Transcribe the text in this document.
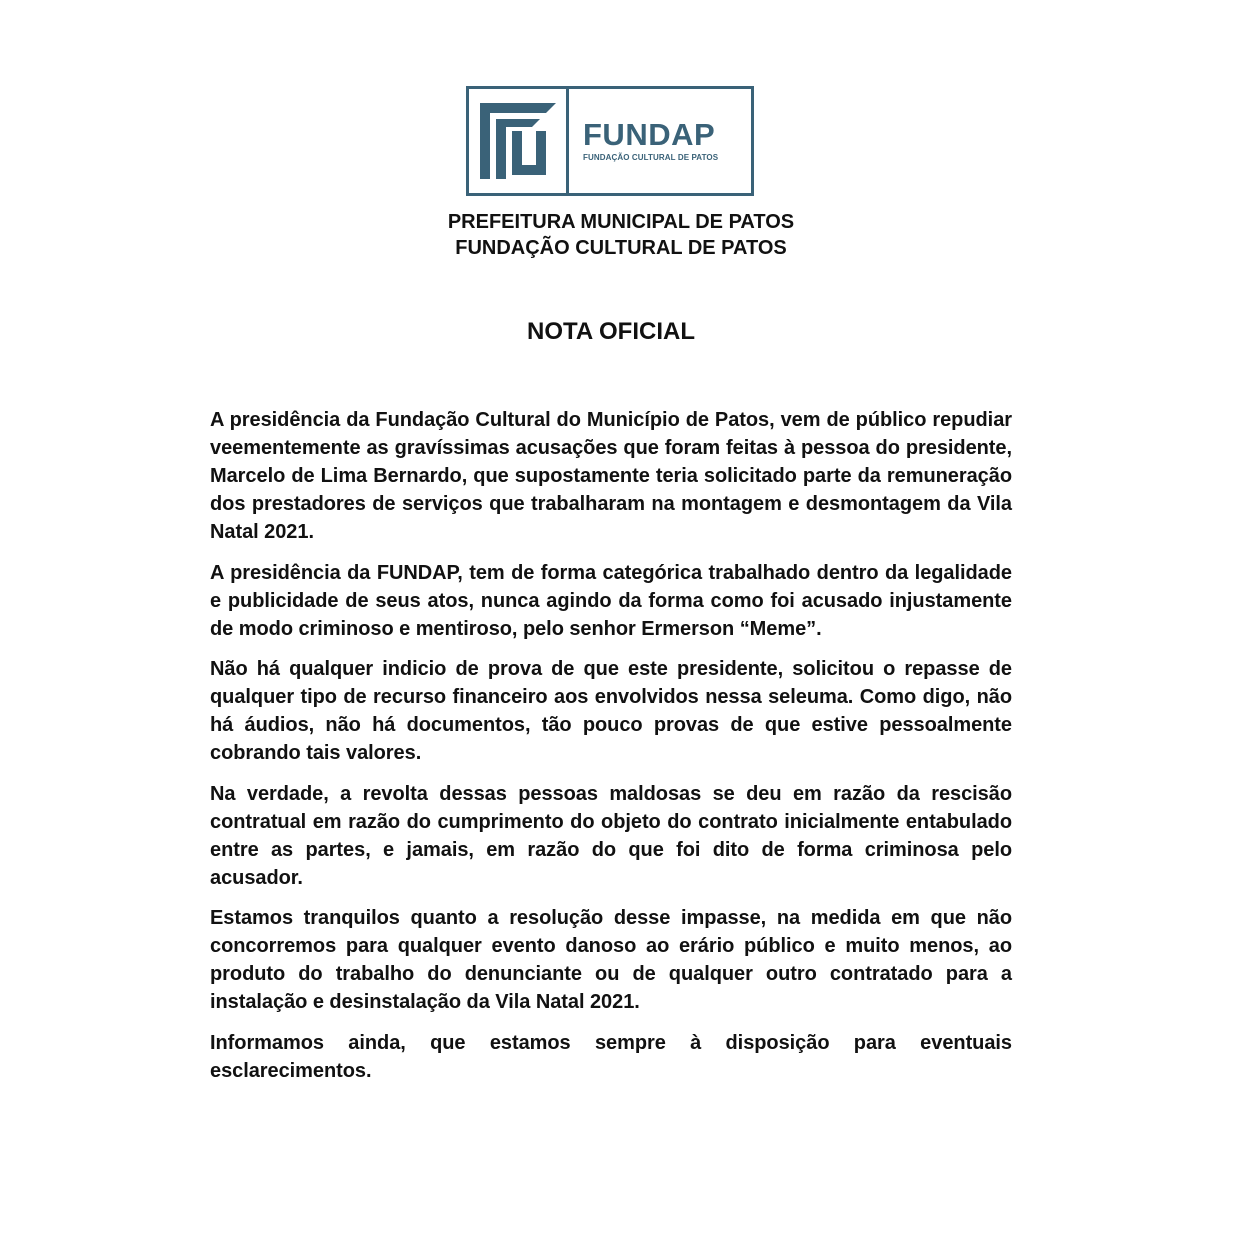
FUNDAP
FUNDAÇÃO CULTURAL DE PATOS
PREFEITURA MUNICIPAL DE PATOS
FUNDAÇÃO CULTURAL DE PATOS
NOTA OFICIAL

A presidência da Fundação Cultural do Município de Patos, vem de público repudiar veementemente as gravíssimas acusações que foram feitas à pessoa do presidente, Marcelo de Lima Bernardo, que supostamente teria solicitado parte da remuneração dos prestadores de serviços que trabalharam na montagem e desmontagem da Vila Natal 2021.

A presidência da FUNDAP, tem de forma categórica trabalhado dentro da legalidade e publicidade de seus atos, nunca agindo da forma como foi acusado injustamente de modo criminoso e mentiroso, pelo senhor Ermerson “Meme”.

Não há qualquer indicio de prova de que este presidente, solicitou o repasse de qualquer tipo de recurso financeiro aos envolvidos nessa seleuma. Como digo, não há áudios, não há documentos, tão pouco provas de que estive pessoalmente cobrando tais valores.

Na verdade, a revolta dessas pessoas maldosas se deu em razão da rescisão contratual em razão do cumprimento do objeto do contrato inicialmente entabulado entre as partes, e jamais, em razão do que foi dito de forma criminosa pelo acusador.

Estamos tranquilos quanto a resolução desse impasse, na medida em que não concorremos para qualquer evento danoso ao erário público e muito menos, ao produto do trabalho do denunciante ou de qualquer outro contratado para a instalação e desinstalação da Vila Natal 2021.

Informamos ainda, que estamos sempre à disposição para eventuais esclarecimentos.
